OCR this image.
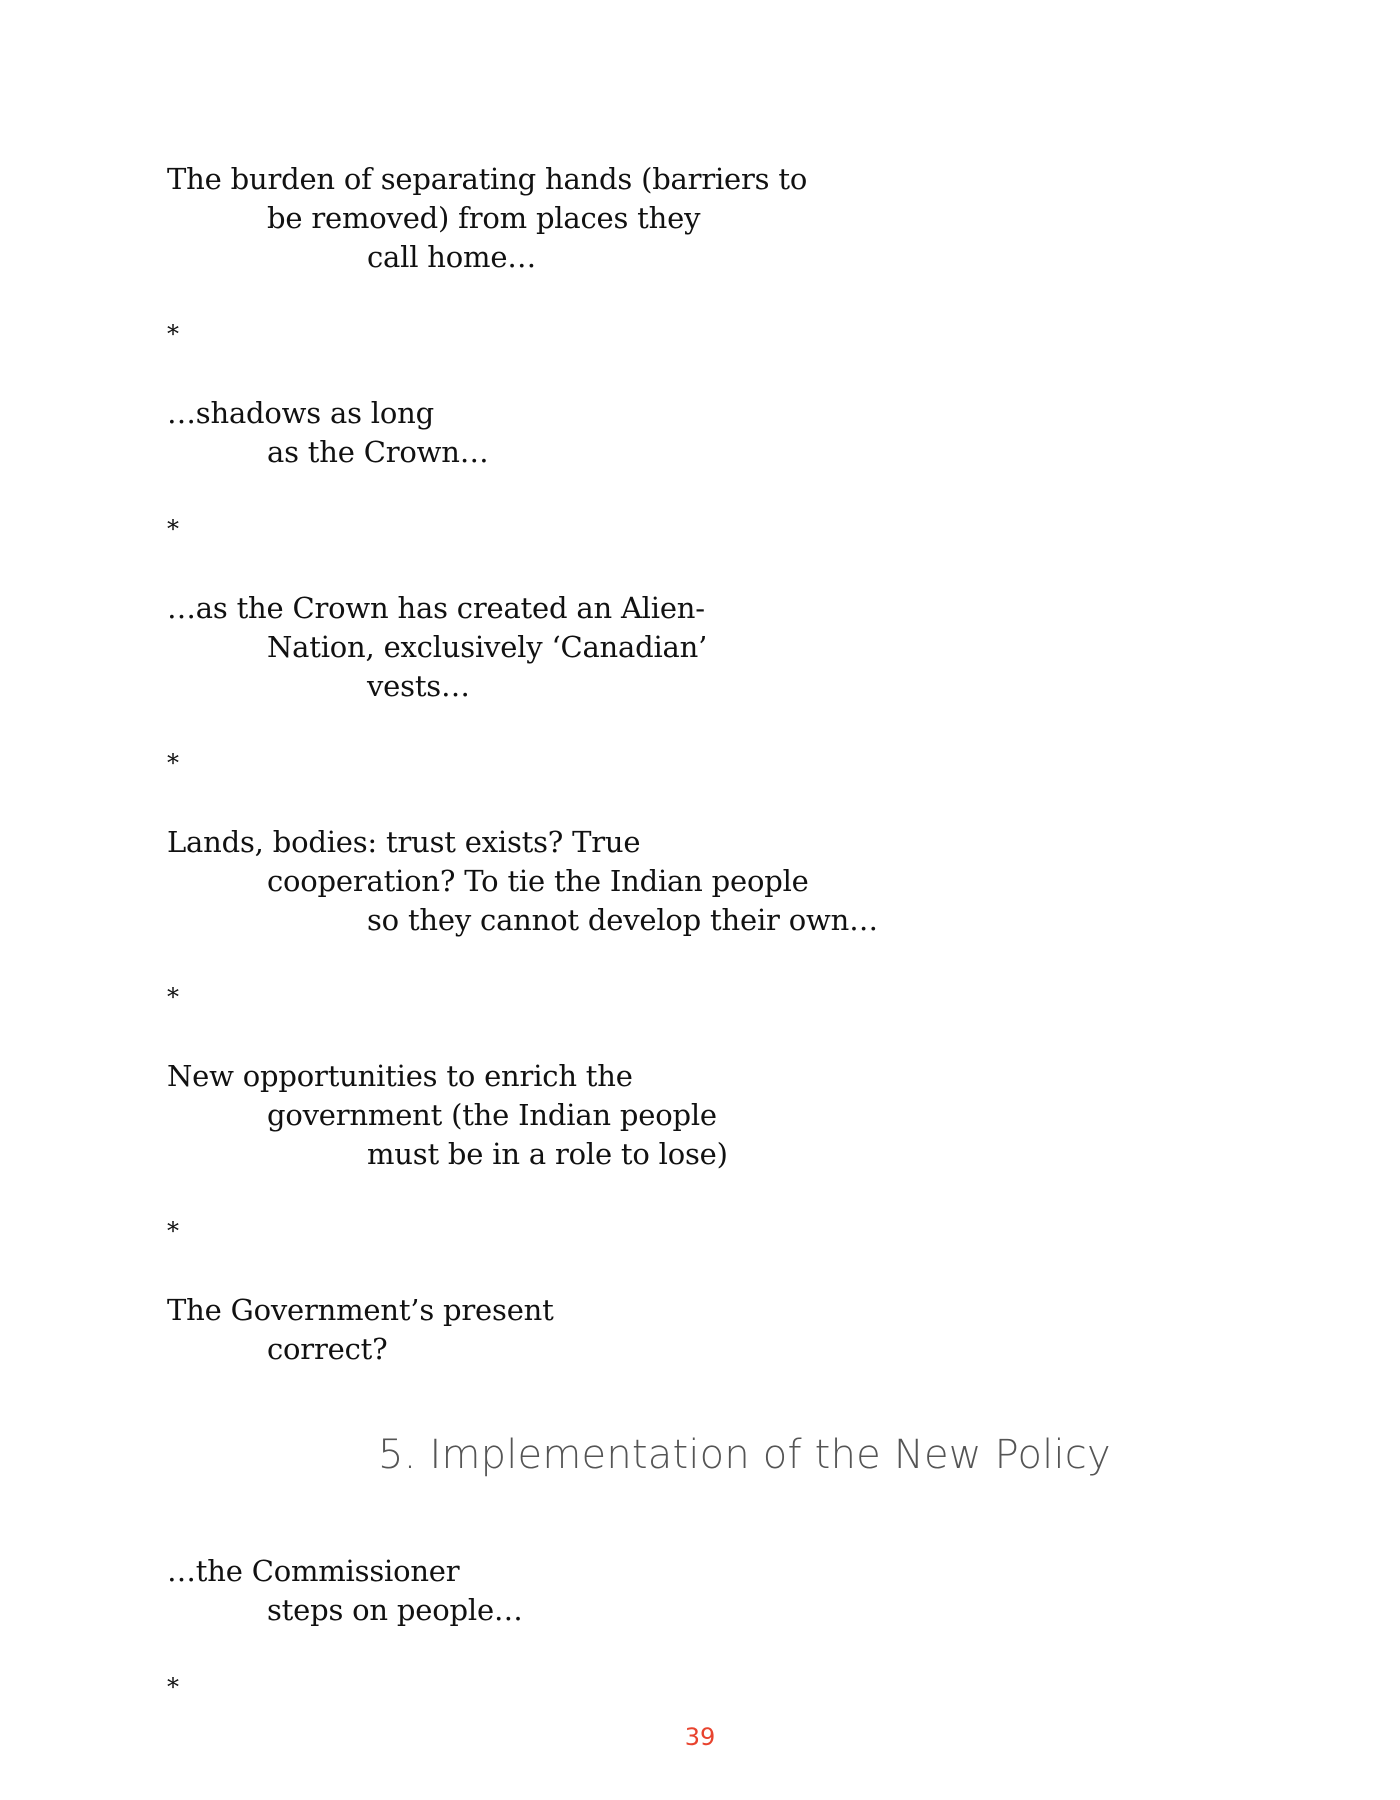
The burden of separating hands (barriers to
be removed) from places they
call home…
*
…shadows as long
as the Crown…
*
…as the Crown has created an Alien-
Nation, exclusively ‘Canadian’
vests…
*
Lands, bodies: trust exists? True
cooperation? To tie the Indian people
so they cannot develop their own…
*
New opportunities to enrich the
government (the Indian people
must be in a role to lose)
*
The Government’s present
correct?
5. Implementation of the New Policy
…the Commissioner
steps on people…
*
39
